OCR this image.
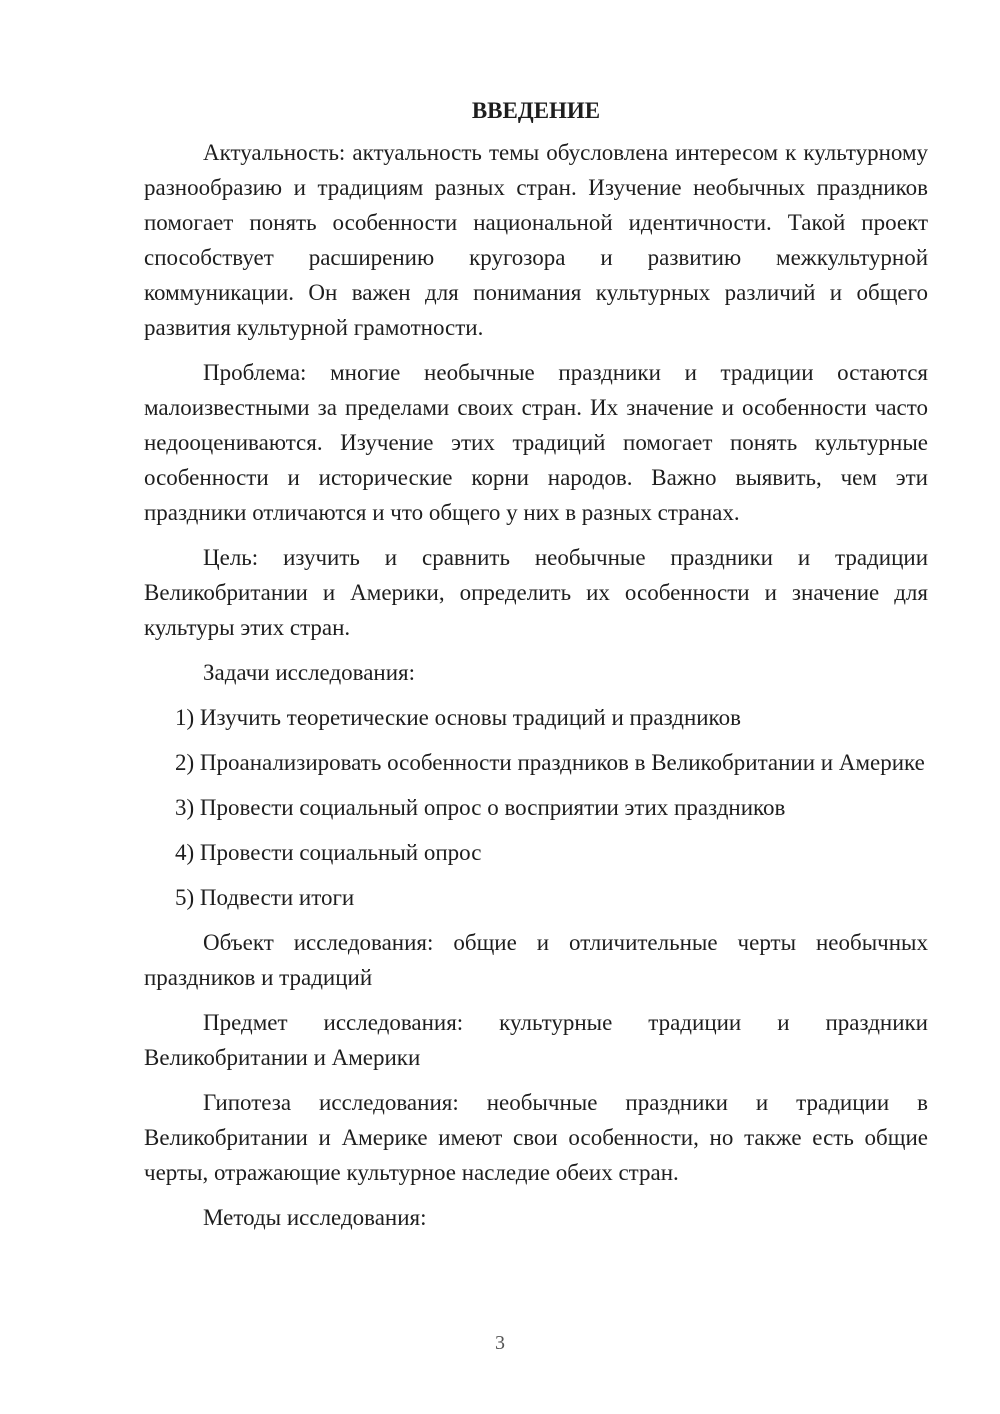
ВВЕДЕНИЕ

Актуальность: актуальность темы обусловлена интересом к культурному разнообразию и традициям разных стран. Изучение необычных праздников помогает понять особенности национальной идентичности. Такой проект способствует расширению кругозора и развитию межкультурной коммуникации. Он важен для понимания культурных различий и общего развития культурной грамотности.

Проблема: многие необычные праздники и традиции остаются малоизвестными за пределами своих стран. Их значение и особенности часто недооцениваются. Изучение этих традиций помогает понять культурные особенности и исторические корни народов. Важно выявить, чем эти праздники отличаются и что общего у них в разных странах.

Цель: изучить и сравнить необычные праздники и традиции Великобритании и Америки, определить их особенности и значение для культуры этих стран.

Задачи исследования:

1) Изучить теоретические основы традиций и праздников

2) Проанализировать особенности праздников в Великобритании и Америке

3) Провести социальный опрос о восприятии этих праздников

4) Провести социальный опрос

5) Подвести итоги

Объект исследования: общие и отличительные черты необычных праздников и традиций

Предмет исследования: культурные традиции и праздники Великобритании и Америки

Гипотеза исследования: необычные праздники и традиции в Великобритании и Америке имеют свои особенности, но также есть общие черты, отражающие культурное наследие обеих стран.

Методы исследования:

3
